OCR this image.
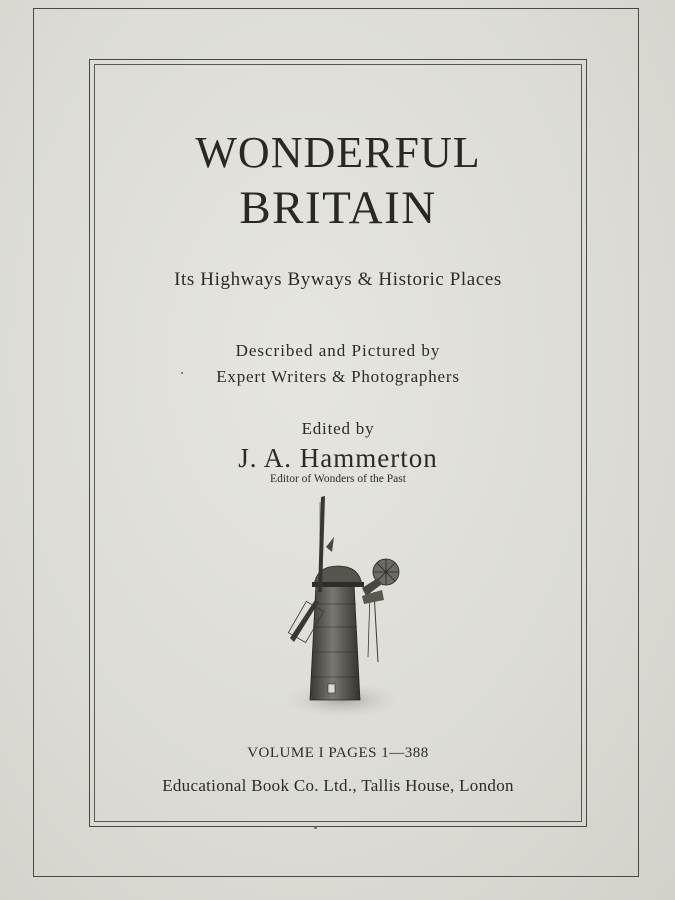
WONDERFUL
BRITAIN
Its Highways Byways & Historic Places
Described and Pictured by
Expert Writers & Photographers
Edited by
J. A. Hammerton
Editor of Wonders of the Past
VOLUME I PAGES 1—388
Educational Book Co. Ltd., Tallis House, London
